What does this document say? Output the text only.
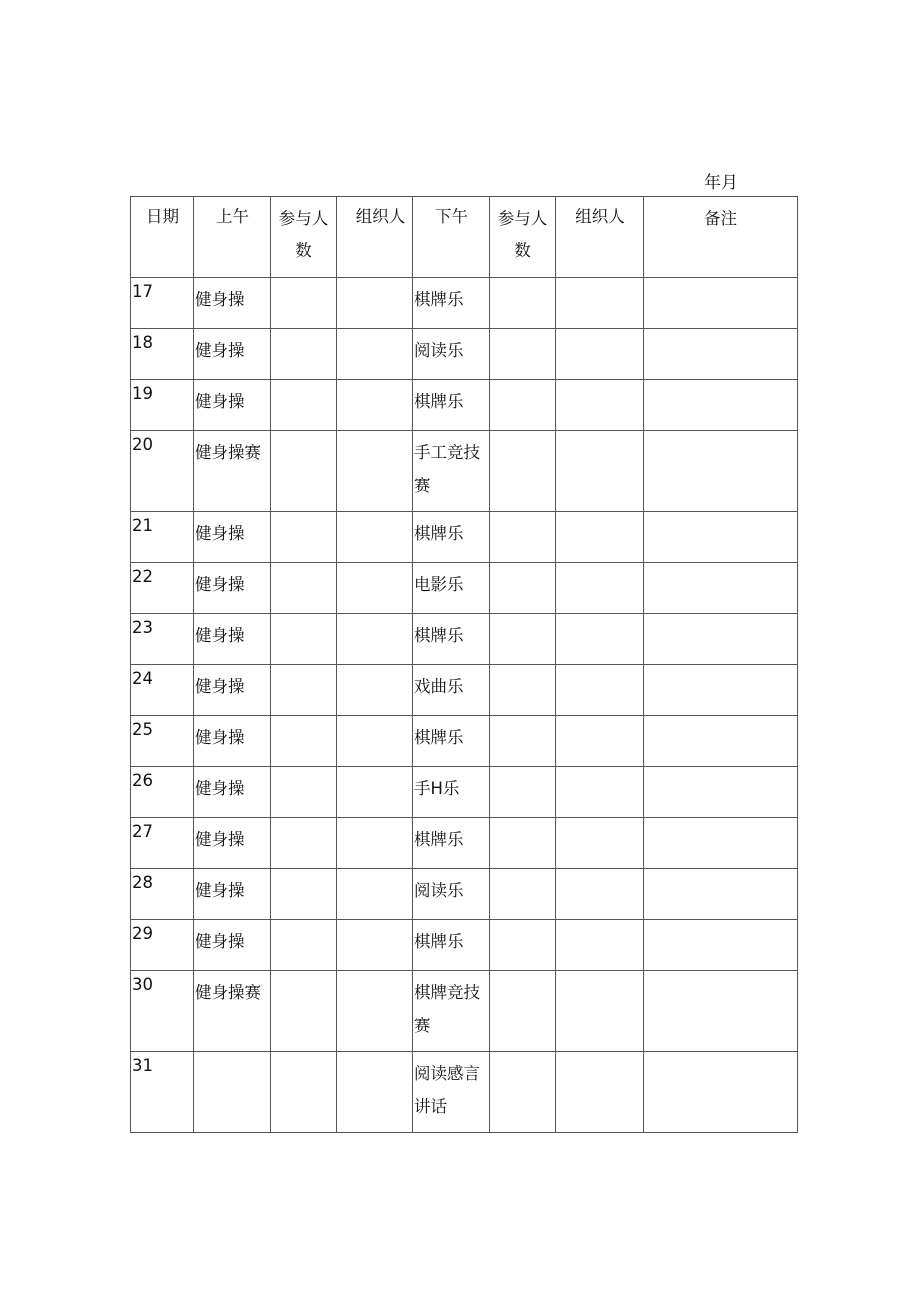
年月
日期	上午	参与人数	组织人	下午	参与人数	组织人	备注

17	健身操			棋牌乐			

18	健身操			阅读乐			

19	健身操			棋牌乐			

20	健身操赛			手工竞技赛			

21	健身操			棋牌乐			

22	健身操			电影乐			

23	健身操			棋牌乐			

24	健身操			戏曲乐			

25	健身操			棋牌乐			

26	健身操			手H乐			

27	健身操			棋牌乐			

28	健身操			阅读乐			

29	健身操			棋牌乐			

30	健身操赛			棋牌竞技赛			

31				阅读感言讲话			
